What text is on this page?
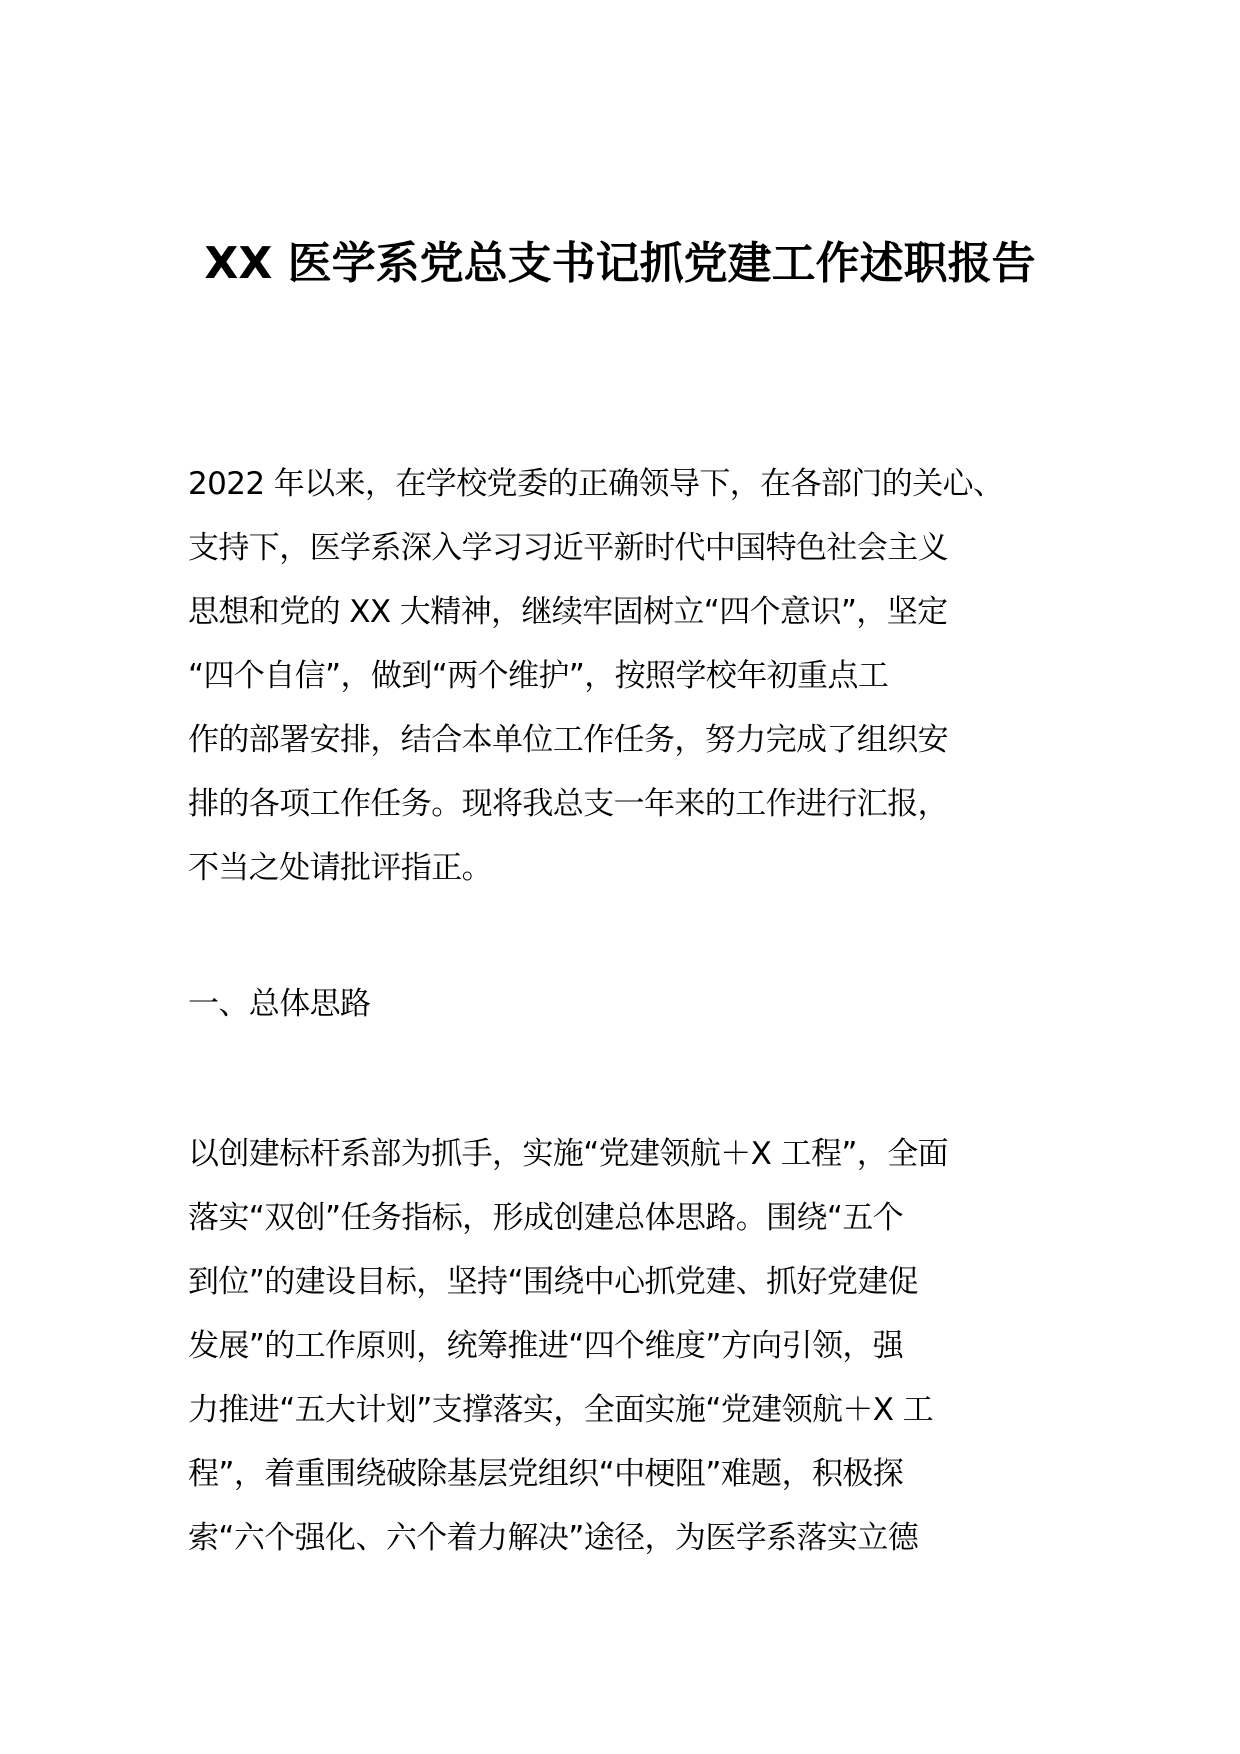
XX 医学系党总支书记抓党建工作述职报告
2022 年以来，在学校党委的正确领导下，在各部门的关心、
支持下，医学系深入学习习近平新时代中国特色社会主义
思想和党的 XX 大精神，继续牢固树立“四个意识”，坚定
“四个自信”，做到“两个维护”，按照学校年初重点工
作的部署安排，结合本单位工作任务，努力完成了组织安
排的各项工作任务。现将我总支一年来的工作进行汇报，
不当之处请批评指正。
一、总体思路
以创建标杆系部为抓手，实施“党建领航＋X 工程”，全面
落实“双创”任务指标，形成创建总体思路。围绕“五个
到位”的建设目标，坚持“围绕中心抓党建、抓好党建促
发展”的工作原则，统筹推进“四个维度”方向引领，强
力推进“五大计划”支撑落实，全面实施“党建领航＋X 工
程”，着重围绕破除基层党组织“中梗阻”难题，积极探
索“六个强化、六个着力解决”途径，为医学系落实立德
